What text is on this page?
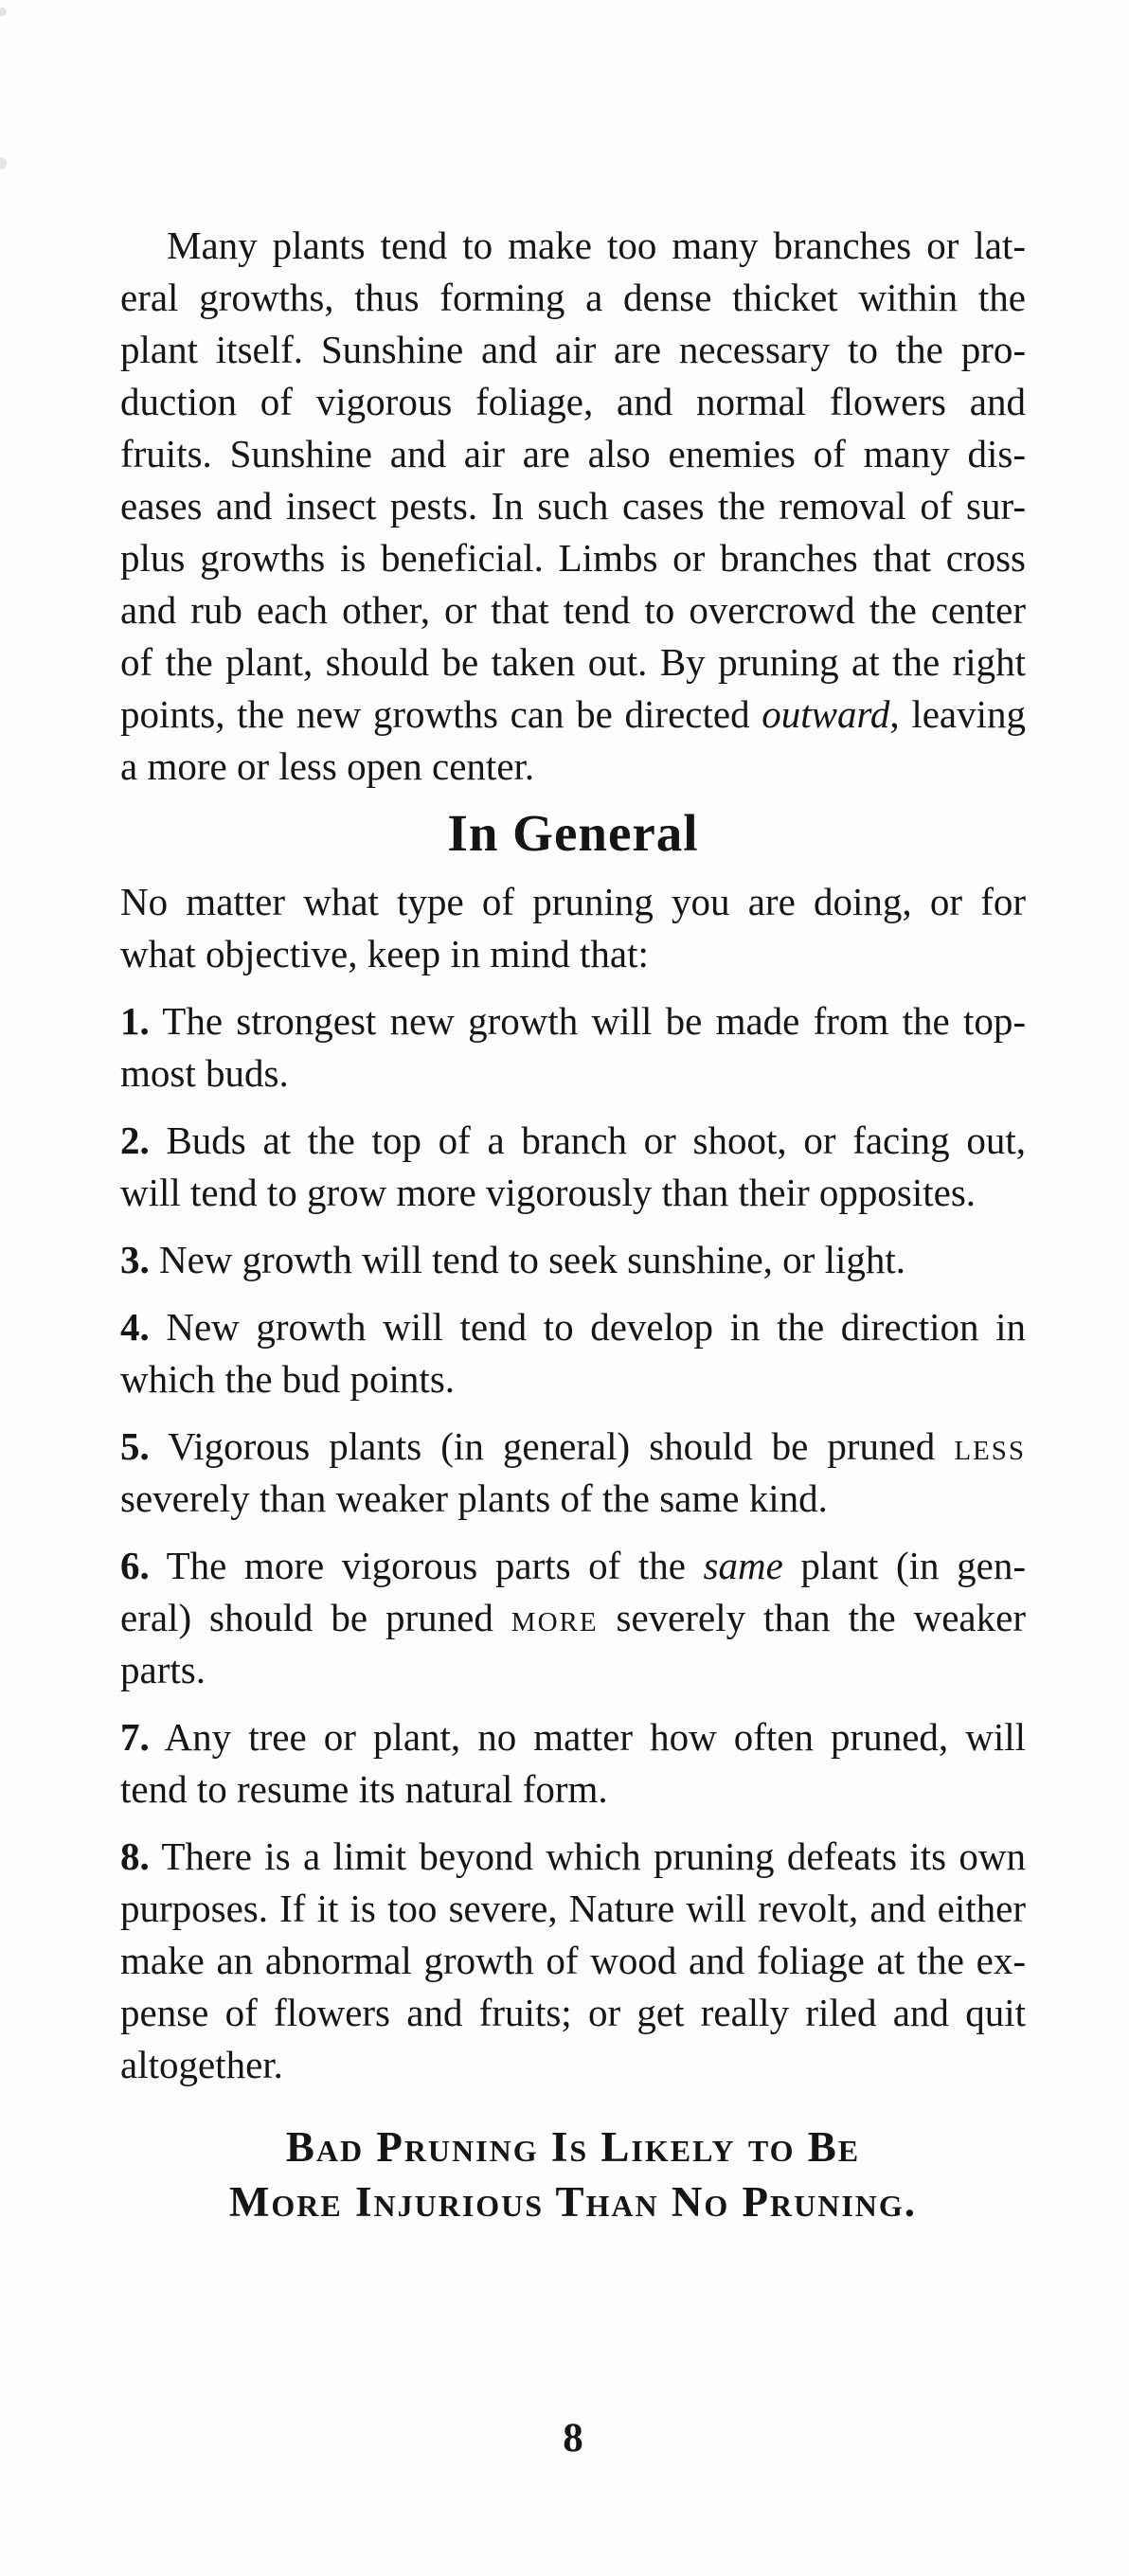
Many plants tend to make too many branches or lat-
eral growths, thus forming a dense thicket within the
plant itself. Sunshine and air are necessary to the pro-
duction of vigorous foliage, and normal flowers and
fruits. Sunshine and air are also enemies of many dis-
eases and insect pests. In such cases the removal of sur-
plus growths is beneficial. Limbs or branches that cross
and rub each other, or that tend to overcrowd the center
of the plant, should be taken out. By pruning at the right
points, the new growths can be directed outward, leaving
a more or less open center.
In General
No matter what type of pruning you are doing, or for
what objective, keep in mind that:
1. The strongest new growth will be made from the top-
most buds.
2. Buds at the top of a branch or shoot, or facing out,
will tend to grow more vigorously than their opposites.
3. New growth will tend to seek sunshine, or light.
4. New growth will tend to develop in the direction in
which the bud points.
5. Vigorous plants (in general) should be pruned less
severely than weaker plants of the same kind.
6. The more vigorous parts of the same plant (in gen-
eral) should be pruned more severely than the weaker
parts.
7. Any tree or plant, no matter how often pruned, will
tend to resume its natural form.
8. There is a limit beyond which pruning defeats its own
purposes. If it is too severe, Nature will revolt, and either
make an abnormal growth of wood and foliage at the ex-
pense of flowers and fruits; or get really riled and quit
altogether.
Bad Pruning Is Likely to Be
More Injurious Than No Pruning.
8
